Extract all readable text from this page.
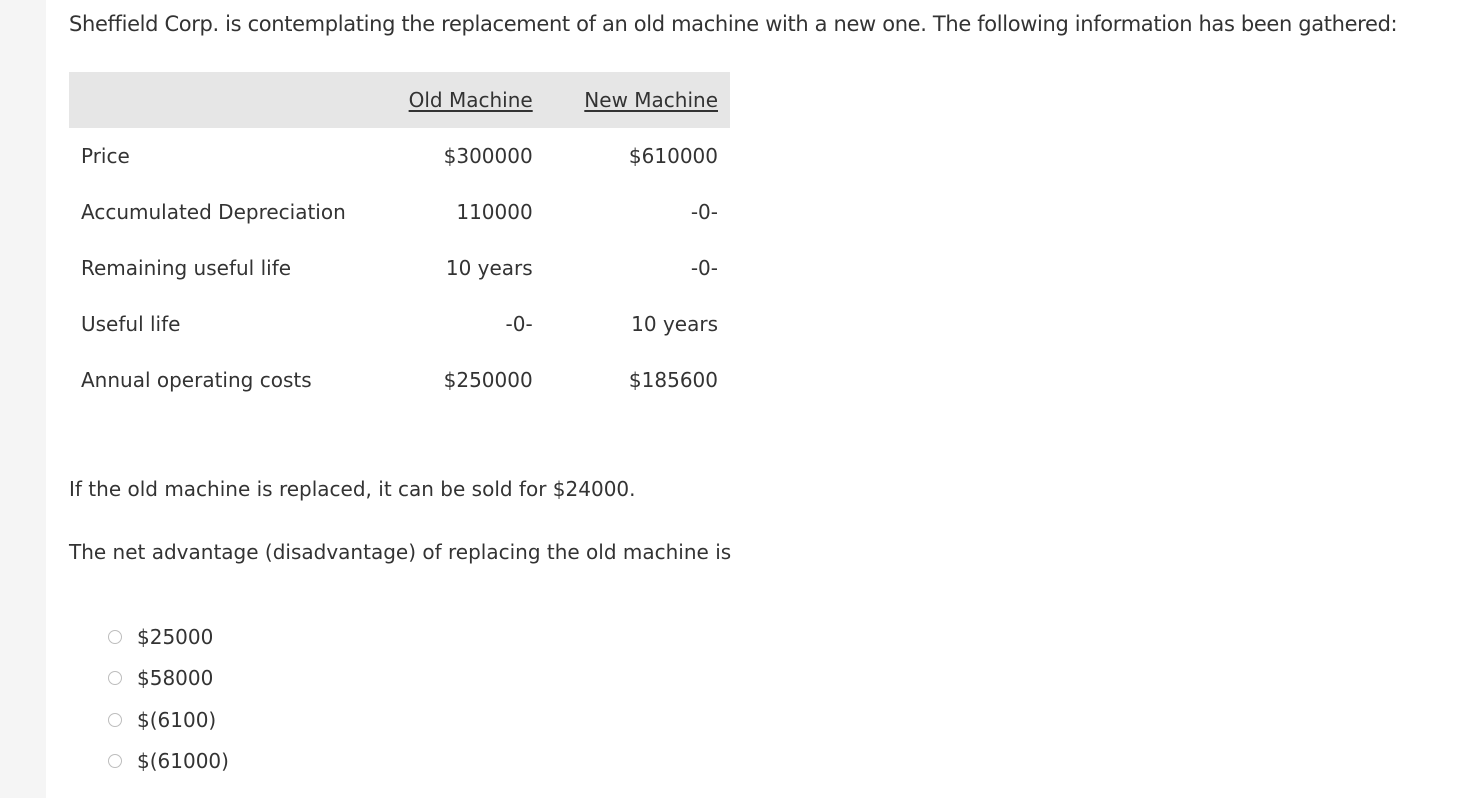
Sheffield Corp. is contemplating the replacement of an old machine with a new one. The following information has been gathered:
	Old Machine	New Machine
Price	$300000	$610000
Accumulated Depreciation	110000	-0-
Remaining useful life	10 years	-0-
Useful life	-0-	10 years
Annual operating costs	$250000	$185600
If the old machine is replaced, it can be sold for $24000.
The net advantage (disadvantage) of replacing the old machine is
$25000
$58000
$(6100)
$(61000)
